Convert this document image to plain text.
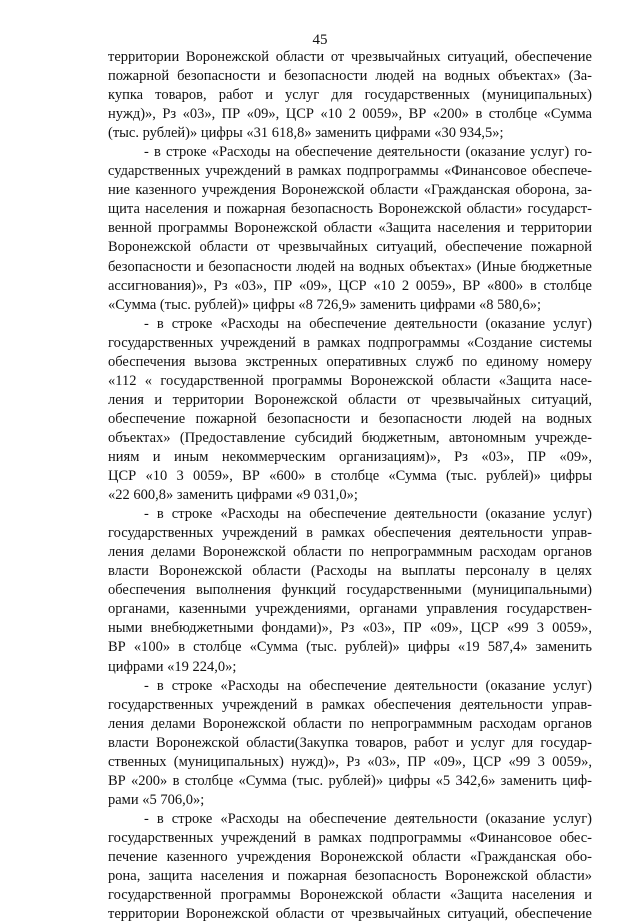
45
территории Воронежской области от чрезвычайных ситуаций, обеспечение
пожарной безопасности и безопасности людей на водных объектах» (За-
купка товаров, работ и услуг для государственных (муниципальных)
нужд)», Рз «03», ПР «09», ЦСР «10 2 0059», ВР «200» в столбце «Сумма
(тыс. рублей)» цифры «31 618,8» заменить цифрами «30 934,5»;
- в строке «Расходы на обеспечение деятельности (оказание услуг) го-
сударственных учреждений в рамках подпрограммы «Финансовое обеспече-
ние казенного учреждения Воронежской области «Гражданская оборона, за-
щита населения и пожарная безопасность Воронежской области» государст-
венной программы Воронежской области «Защита населения и территории
Воронежской области от чрезвычайных ситуаций, обеспечение пожарной
безопасности и безопасности людей на водных объектах» (Иные бюджетные
ассигнования)», Рз «03», ПР «09», ЦСР «10 2 0059», ВР «800» в столбце
«Сумма (тыс. рублей)» цифры «8 726,9» заменить цифрами «8 580,6»;
- в строке «Расходы на обеспечение деятельности (оказание услуг)
государственных учреждений в рамках подпрограммы «Создание системы
обеспечения вызова экстренных оперативных служб по единому номеру
«112 « государственной программы Воронежской области «Защита насе-
ления и территории Воронежской области от чрезвычайных ситуаций,
обеспечение пожарной безопасности и безопасности людей на водных
объектах» (Предоставление субсидий бюджетным, автономным учрежде-
ниям и иным некоммерческим организациям)», Рз «03», ПР «09»,
ЦСР «10 3 0059», ВР «600» в столбце «Сумма (тыс. рублей)» цифры
«22 600,8» заменить цифрами «9 031,0»;
- в строке «Расходы на обеспечение деятельности (оказание услуг)
государственных учреждений в рамках обеспечения деятельности управ-
ления делами Воронежской области по непрограммным расходам органов
власти Воронежской области (Расходы на выплаты персоналу в целях
обеспечения выполнения функций государственными (муниципальными)
органами, казенными учреждениями, органами управления государствен-
ными внебюджетными фондами)», Рз «03», ПР «09», ЦСР «99 3 0059»,
ВР «100» в столбце «Сумма (тыс. рублей)» цифры «19 587,4» заменить
цифрами «19 224,0»;
- в строке «Расходы на обеспечение деятельности (оказание услуг)
государственных учреждений в рамках обеспечения деятельности управ-
ления делами Воронежской области по непрограммным расходам органов
власти Воронежской области(Закупка товаров, работ и услуг для государ-
ственных (муниципальных) нужд)», Рз «03», ПР «09», ЦСР «99 3 0059»,
ВР «200» в столбце «Сумма (тыс. рублей)» цифры «5 342,6» заменить циф-
рами «5 706,0»;
- в строке «Расходы на обеспечение деятельности (оказание услуг)
государственных учреждений в рамках подпрограммы «Финансовое обес-
печение казенного учреждения Воронежской области «Гражданская обо-
рона, защита населения и пожарная безопасность Воронежской области»
государственной программы Воронежской области «Защита населения и
территории Воронежской области от чрезвычайных ситуаций, обеспечение
